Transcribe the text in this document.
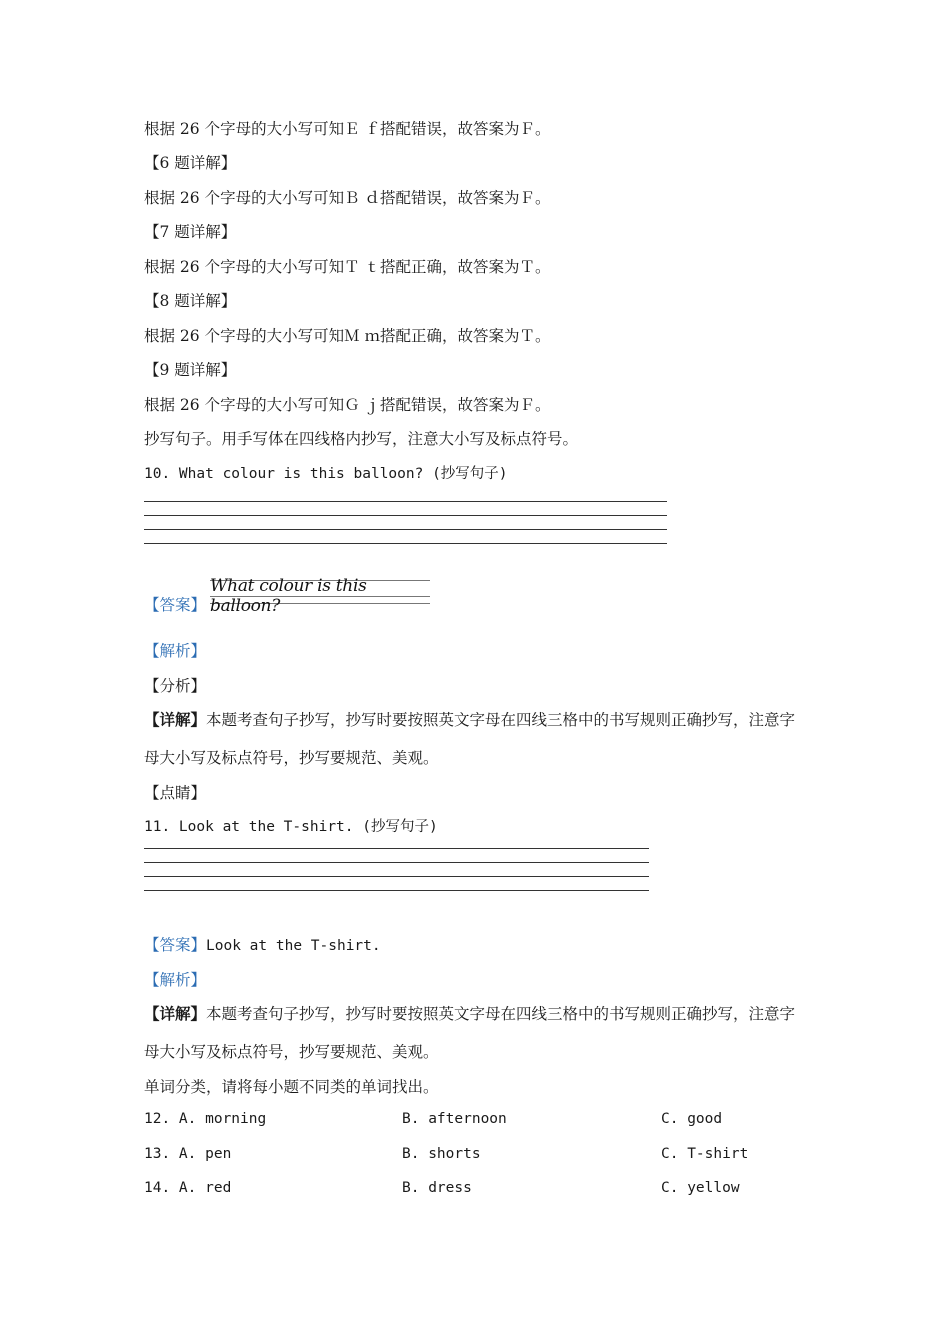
根据 26 个字母的大小写可知Ｅ ｆ搭配错误，故答案为Ｆ。
【6 题详解】
根据 26 个字母的大小写可知Ｂ ｄ搭配错误，故答案为Ｆ。
【7 题详解】
根据 26 个字母的大小写可知Ｔ ｔ搭配正确，故答案为Ｔ。
【8 题详解】
根据 26 个字母的大小写可知Ｍ ｍ搭配正确，故答案为Ｔ。
【9 题详解】
根据 26 个字母的大小写可知Ｇ ｊ搭配错误，故答案为Ｆ。
抄写句子。用手写体在四线格内抄写，注意大小写及标点符号。
10. What colour is this balloon? (抄写句子)
【答案】
What colour is this balloon?
【解析】
【分析】
【详解】本题考查句子抄写，抄写时要按照英文字母在四线三格中的书写规则正确抄写，注意字母大小写及标点符号，抄写要规范、美观。
【点睛】
11. Look at the T-shirt. (抄写句子)
【答案】Look at the T-shirt.
【解析】
【详解】本题考查句子抄写，抄写时要按照英文字母在四线三格中的书写规则正确抄写，注意字母大小写及标点符号，抄写要规范、美观。
单词分类，请将每小题不同类的单词找出。
12. A. morning	B. afternoon	C. good
13. A. pen	B. shorts	C. T-shirt
14. A. red	B. dress	C. yellow
